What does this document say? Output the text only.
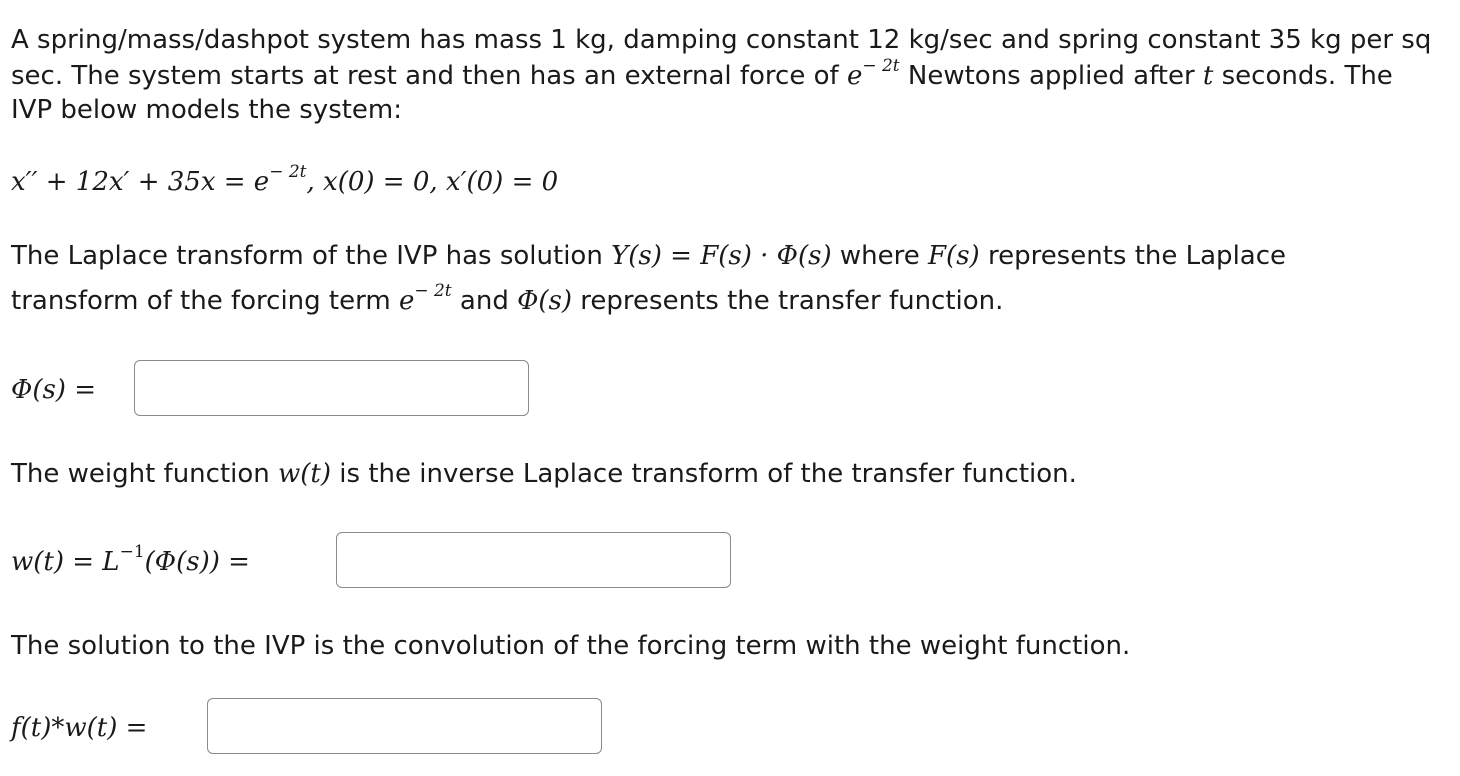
A spring/mass/dashpot system has mass 1 kg, damping constant 12 kg/sec and spring constant 35 kg per sq

sec. The system starts at rest and then has an external force of $e^{- 2t}$ Newtons applied after t seconds. The

IVP below models the system:

$x'' + 12x' + 35x = e^{- 2t}$, x(0) = 0, x′(0) = 0

The Laplace transform of the IVP has solution Y(s) = F(s) · Φ(s) where F(s) represents the Laplace

transform of the forcing term $e^{- 2t}$ and Φ(s) represents the transfer function.

Φ(s) =

The weight function w(t) is the inverse Laplace transform of the transfer function.

$w(t) = L^{-1}(\Phi(s))$ =

The solution to the IVP is the convolution of the forcing term with the weight function.

f(t)*w(t) =
